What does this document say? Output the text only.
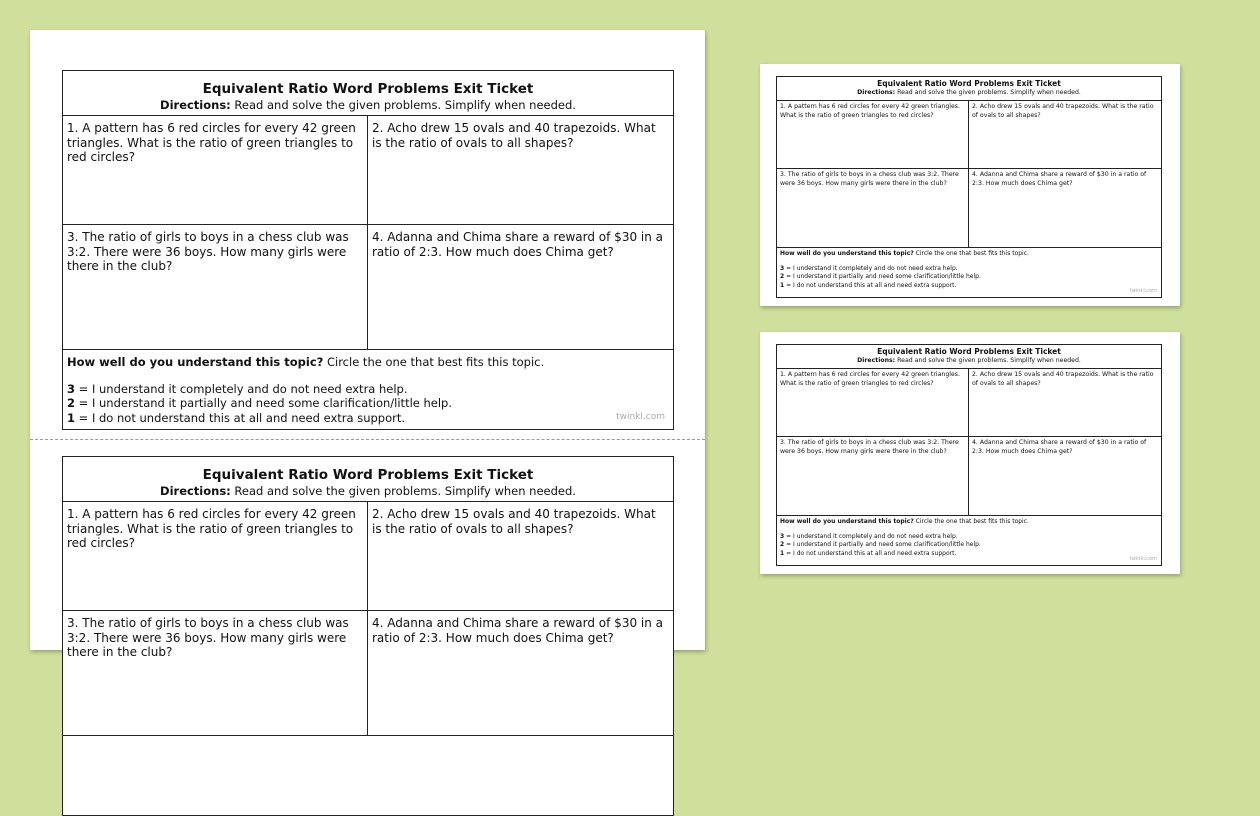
Equivalent Ratio Word Problems Exit Ticket
Directions: Read and solve the given problems. Simplify when needed.
1. A pattern has 6 red circles for every 42 green triangles. What is the ratio of green triangles to red circles?
2. Acho drew 15 ovals and 40 trapezoids. What is the ratio of ovals to all shapes?
3. The ratio of girls to boys in a chess club was 3:2. There were 36 boys. How many girls were there in the club?
4. Adanna and Chima share a reward of $30 in a ratio of 2:3. How much does Chima get?
How well do you understand this topic? Circle the one that best fits this topic.
3 = I understand it completely and do not need extra help.
2 = I understand it partially and need some clarification/little help.
1 = I do not understand this at all and need extra support.	twinkl.com
Equivalent Ratio Word Problems Exit Ticket
Directions: Read and solve the given problems. Simplify when needed.
1. A pattern has 6 red circles for every 42 green triangles. What is the ratio of green triangles to red circles?
2. Acho drew 15 ovals and 40 trapezoids. What is the ratio of ovals to all shapes?
3. The ratio of girls to boys in a chess club was 3:2. There were 36 boys. How many girls were there in the club?
4. Adanna and Chima share a reward of $30 in a ratio of 2:3. How much does Chima get?
Equivalent Ratio Word Problems Exit Ticket
Directions: Read and solve the given problems. Simplify when needed.
1. A pattern has 6 red circles for every 42 green triangles. What is the ratio of green triangles to red circles?
2. Acho drew 15 ovals and 40 trapezoids. What is the ratio of ovals to all shapes?
3. The ratio of girls to boys in a chess club was 3:2. There were 36 boys. How many girls were there in the club?
4. Adanna and Chima share a reward of $30 in a ratio of 2:3. How much does Chima get?
How well do you understand this topic? Circle the one that best fits this topic.
3 = I understand it completely and do not need extra help.
2 = I understand it partially and need some clarification/little help.
1 = I do not understand this at all and need extra support.
twinkl.com
Equivalent Ratio Word Problems Exit Ticket
Directions: Read and solve the given problems. Simplify when needed.
1. A pattern has 6 red circles for every 42 green triangles. What is the ratio of green triangles to red circles?
2. Acho drew 15 ovals and 40 trapezoids. What is the ratio of ovals to all shapes?
3. The ratio of girls to boys in a chess club was 3:2. There were 36 boys. How many girls were there in the club?
4. Adanna and Chima share a reward of $30 in a ratio of 2:3. How much does Chima get?
How well do you understand this topic? Circle the one that best fits this topic.
3 = I understand it completely and do not need extra help.
2 = I understand it partially and need some clarification/little help.
1 = I do not understand this at all and need extra support.
twinkl.com
